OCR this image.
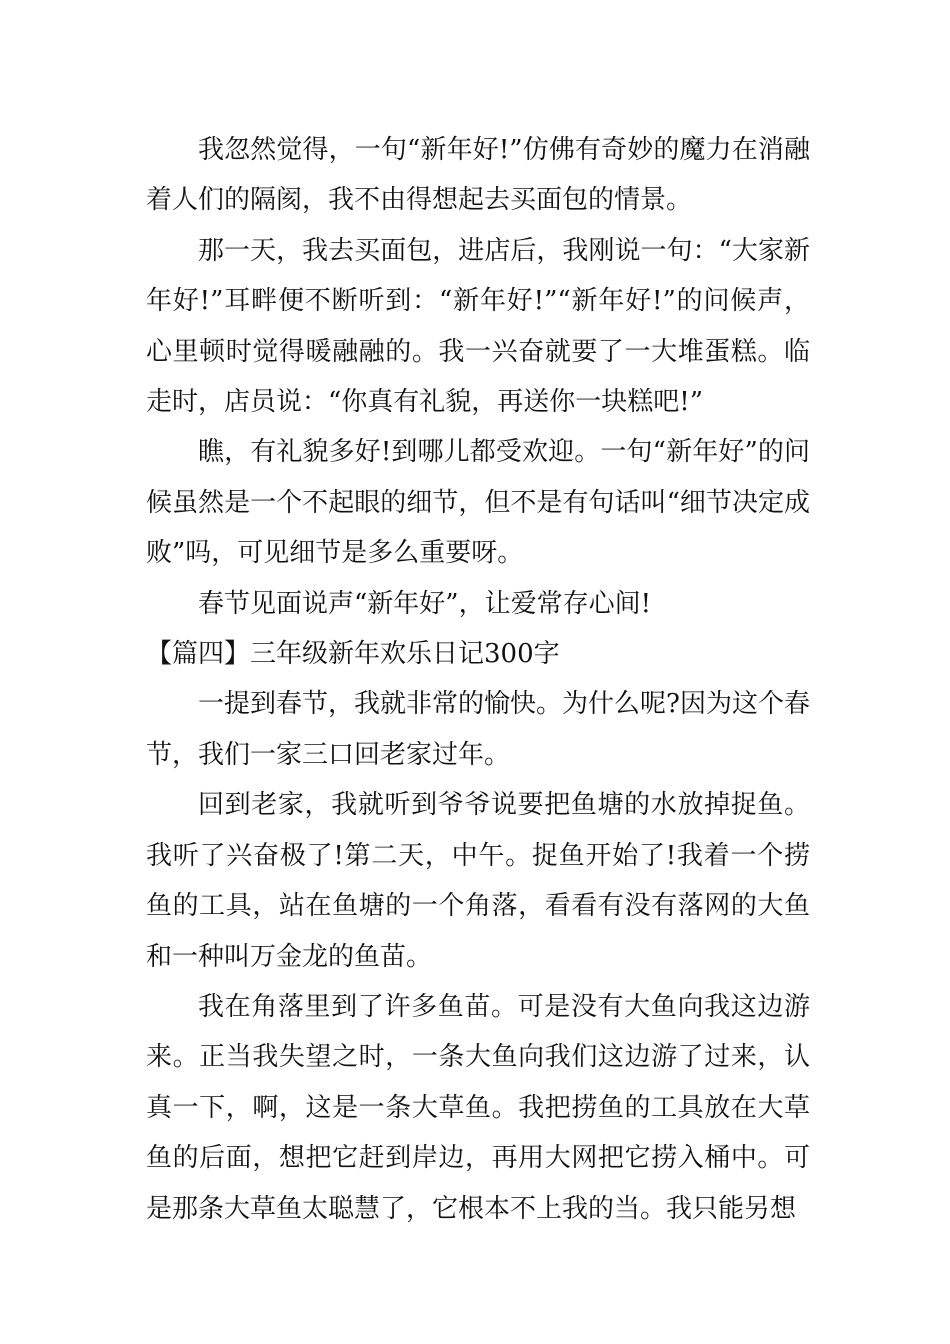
我忽然觉得，一句“新年好!”仿佛有奇妙的魔力在消融着人们的隔阂，我不由得想起去买面包的情景。

那一天，我去买面包，进店后，我刚说一句：“大家新年好!”耳畔便不断听到：“新年好!”“新年好!”的问候声，心里顿时觉得暖融融的。我一兴奋就要了一大堆蛋糕。临走时，店员说：“你真有礼貌，再送你一块糕吧!”

瞧，有礼貌多好!到哪儿都受欢迎。一句“新年好”的问候虽然是一个不起眼的细节，但不是有句话叫“细节决定成败”吗，可见细节是多么重要呀。

春节见面说声“新年好”，让爱常存心间!

【篇四】三年级新年欢乐日记300字

一提到春节，我就非常的愉快。为什么呢?因为这个春节，我们一家三口回老家过年。

回到老家，我就听到爷爷说要把鱼塘的水放掉捉鱼。我听了兴奋极了!第二天，中午。捉鱼开始了!我着一个捞鱼的工具，站在鱼塘的一个角落，看看有没有落网的大鱼和一种叫万金龙的鱼苗。

我在角落里到了许多鱼苗。可是没有大鱼向我这边游来。正当我失望之时，一条大鱼向我们这边游了过来，认真一下，啊，这是一条大草鱼。我把捞鱼的工具放在大草鱼的后面，想把它赶到岸边，再用大网把它捞入桶中。可是那条大草鱼太聪慧了，它根本不上我的当。我只能另想
